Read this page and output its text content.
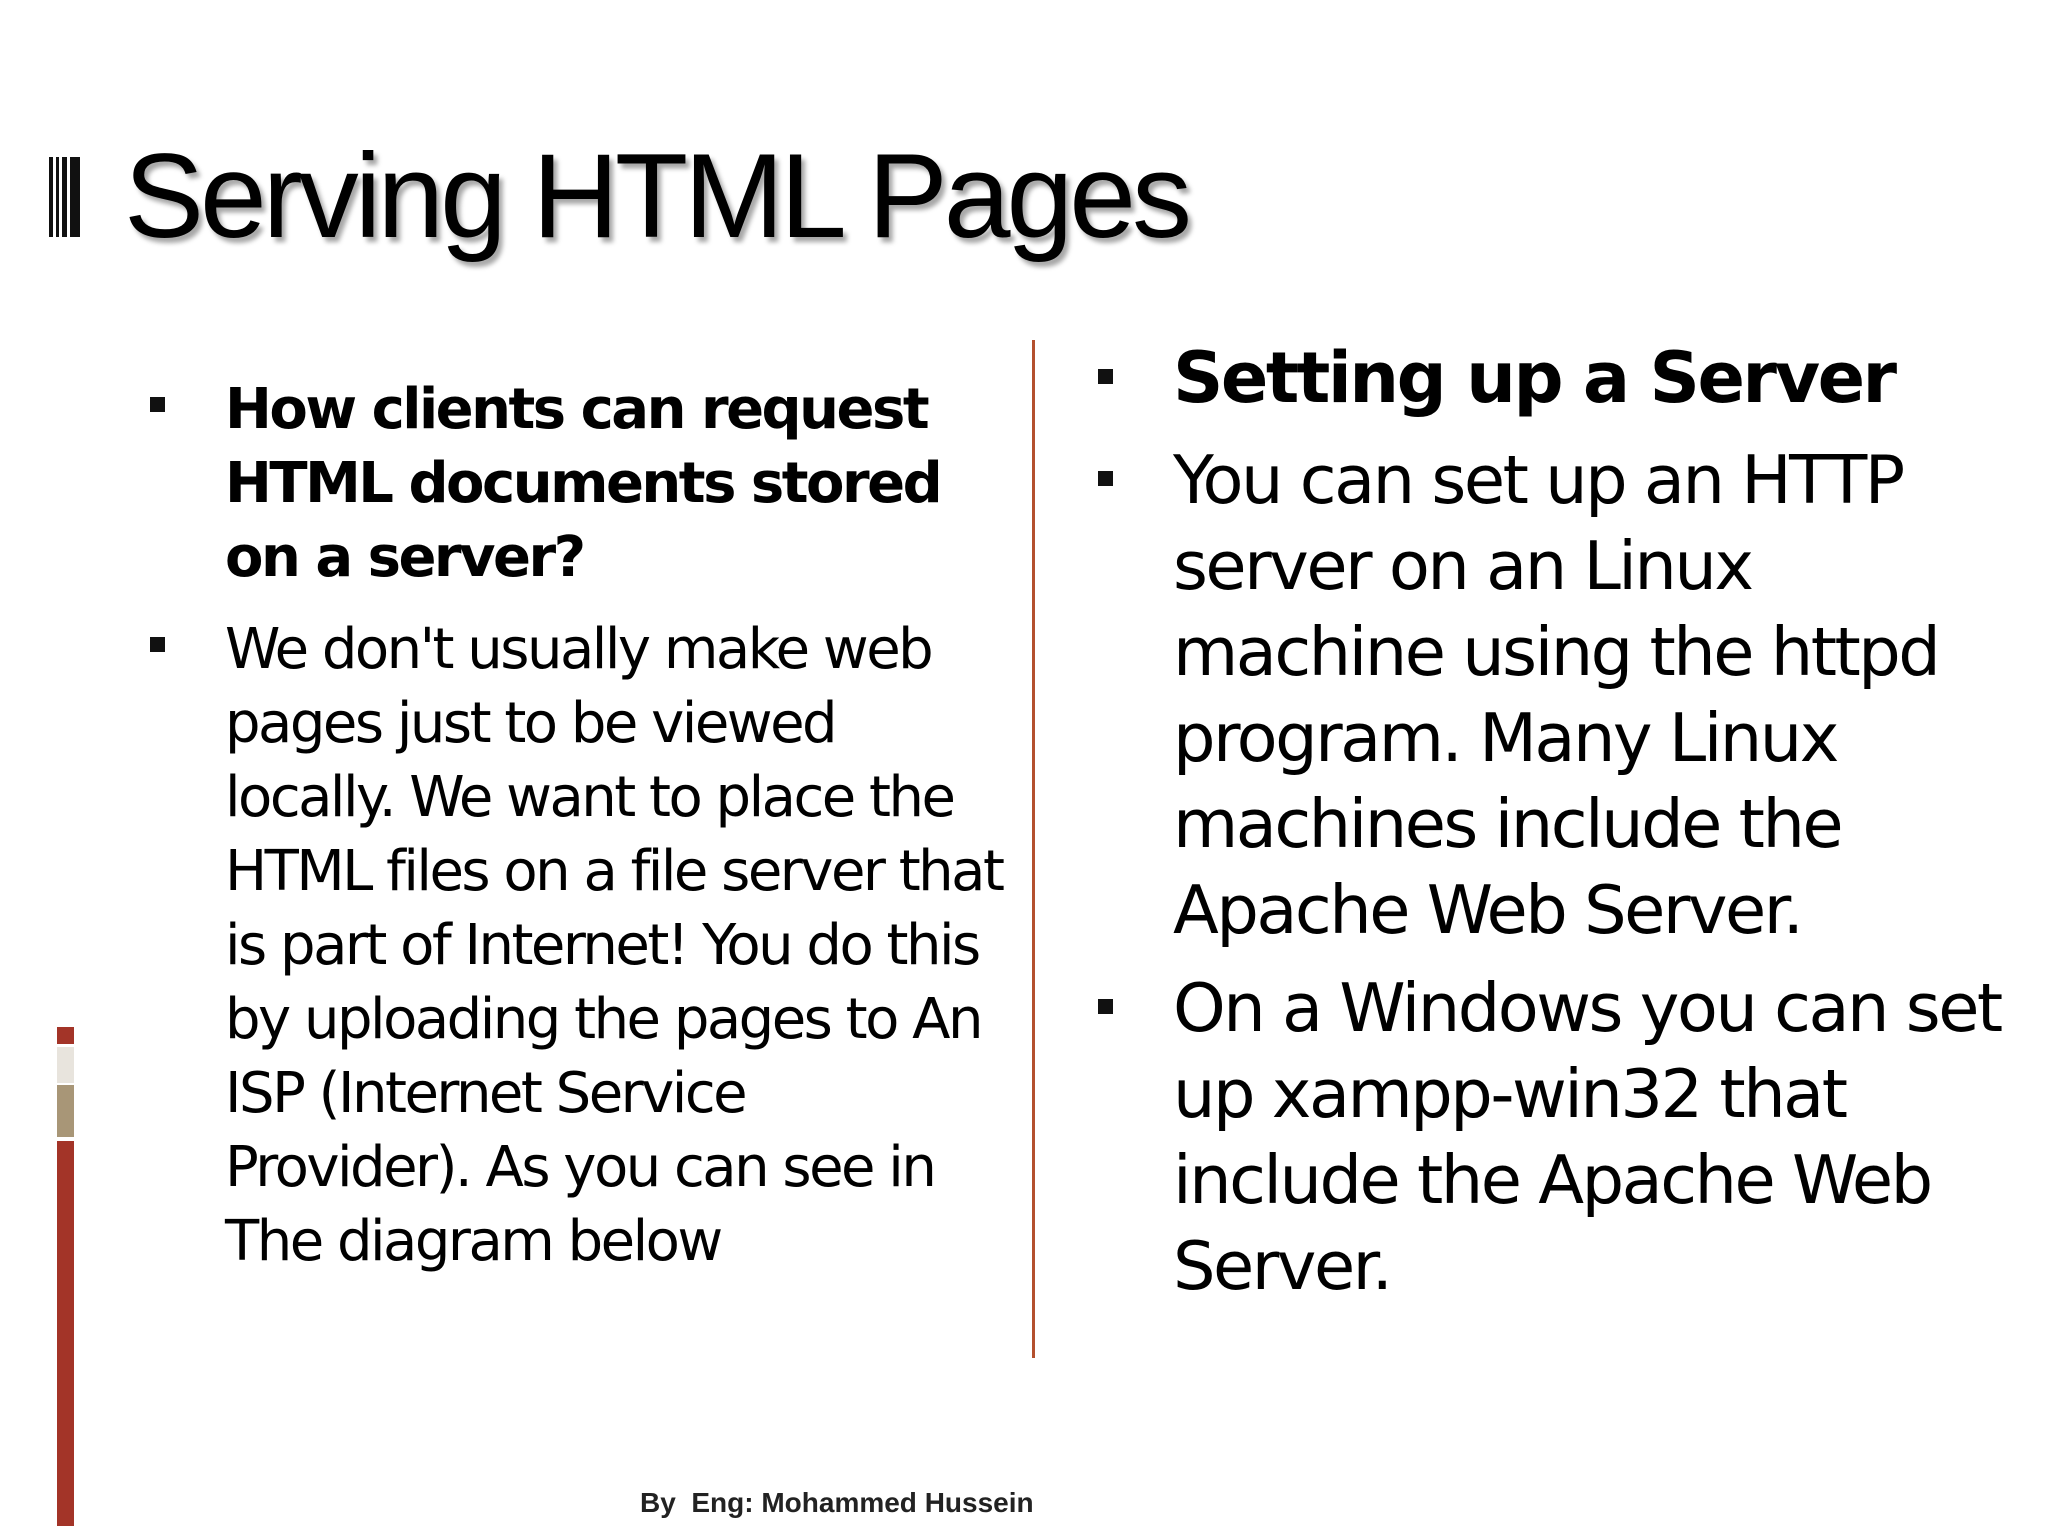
Serving HTML Pages
How clients can request HTML documents stored on a server?
We don't usually make web pages just to be viewed locally. We want to place the HTML files on a file server that is part of Internet! You do this by uploading the pages to An ISP (Internet Service Provider). As you can see in The diagram below
Setting up a Server
You can set up an HTTP server on an Linux machine using the httpd program. Many Linux machines include the Apache Web Server.
On a Windows you can set up xampp-win32 that include the Apache Web Server.
By  Eng: Mohammed Hussein
